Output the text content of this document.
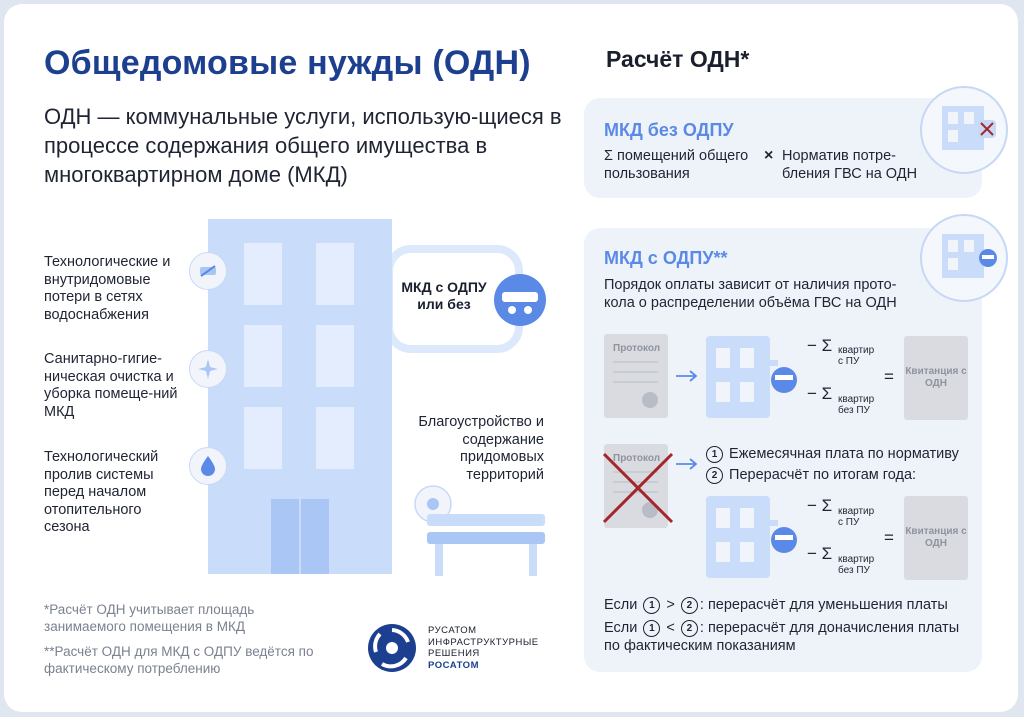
Общедомовые нужды (ОДН)
ОДН — коммунальные услуги, использую-щиеся в процессе содержания общего имущества в многоквартирном доме (МКД)
МКД с ОДПУ или без
Технологические и внутридомовые потери в сетях водоснабжения
Санитарно-гигие-ническая очистка и уборка помеще-ний МКД
Технологический пролив системы перед началом отопительного сезона
Благоустройство и содержание придомовых территорий
*Расчёт ОДН учитывает площадь занимаемого помещения в МКД
**Расчёт ОДН для МКД с ОДПУ ведётся по фактическому потреблению
РУСАТОМ
ИНФРАСТРУКТУРНЫЕ
РЕШЕНИЯ
РОСАТОМ
Расчёт ОДН*
МКД без ОДПУ
Σ помещений общего пользования
× Норматив потре-бления ГВС на ОДН
МКД с ОДПУ**
Порядок оплаты зависит от наличия прото-кола о распределении объёма ГВС на ОДН
Протокол	− Σ квартир
с ПУ
− Σ квартир
без ПУ
= Квитанция с ОДН
Протокол	1 Ежемесячная плата по нормативу
2 Перерасчёт по итогам года:
− Σ квартир
с ПУ
− Σ квартир
без ПУ
= Квитанция с ОДН
Если 1 > 2 : перерасчёт для уменьшения платы
Если 1 < 2 : перерасчёт для доначисления платы по фактическим показаниям
